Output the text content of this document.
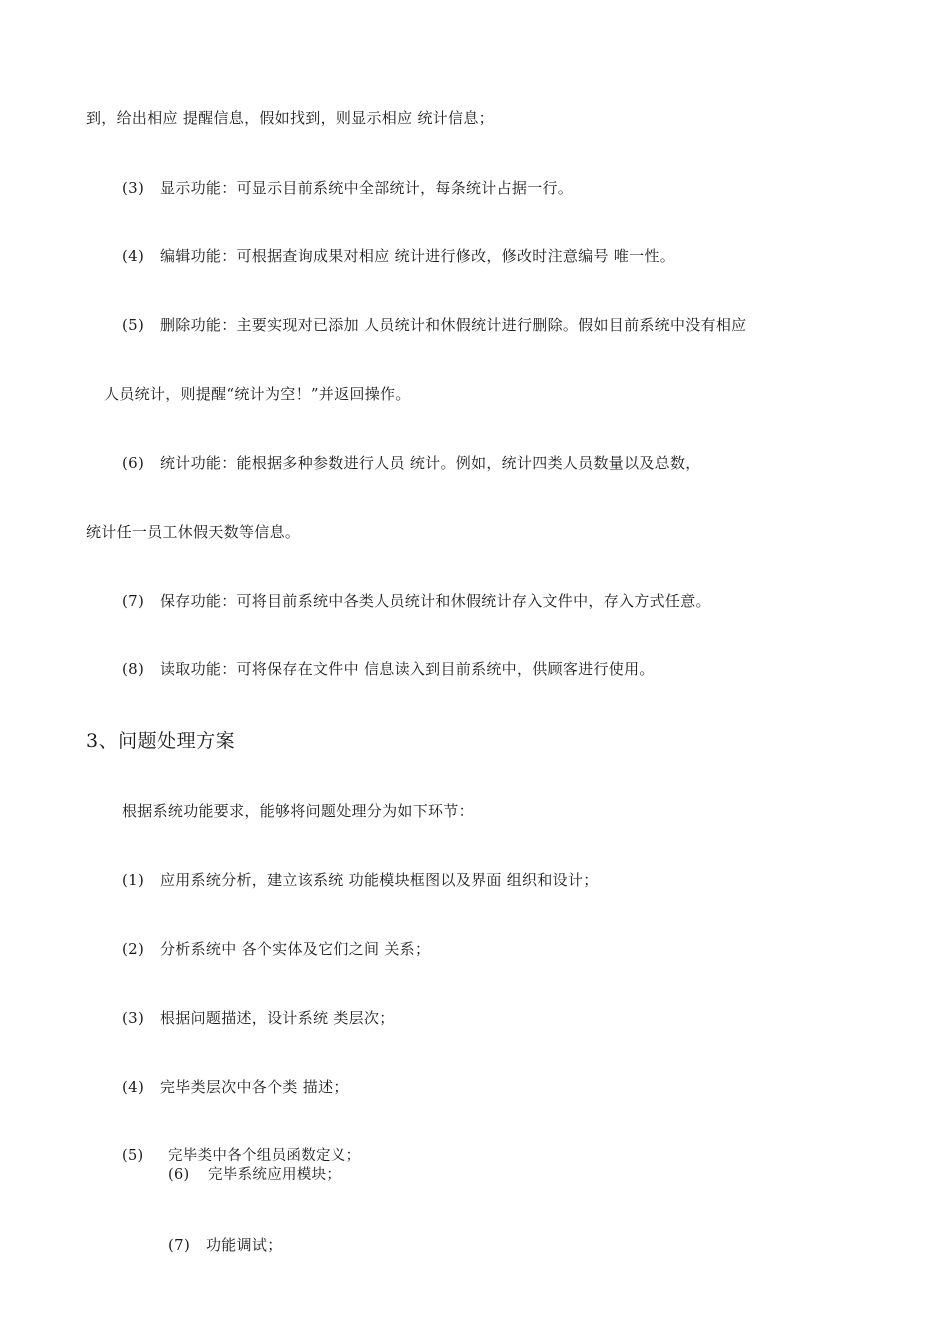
到，给出相应 提醒信息，假如找到，则显示相应 统计信息；
(3) 显示功能：可显示目前系统中全部统计，每条统计占据一行。
(4) 编辑功能：可根据查询成果对相应 统计进行修改，修改时注意编号 唯一性。
(5) 删除功能：主要实现对已添加 人员统计和休假统计进行删除。假如目前系统中没有相应
人员统计，则提醒“统计为空！”并返回操作。
(6) 统计功能：能根据多种参数进行人员 统计。例如，统计四类人员数量以及总数，
统计任一员工休假天数等信息。
(7) 保存功能：可将目前系统中各类人员统计和休假统计存入文件中，存入方式任意。
(8) 读取功能：可将保存在文件中 信息读入到目前系统中，供顾客进行使用。
3、问题处理方案
根据系统功能要求，能够将问题处理分为如下环节：
(1) 应用系统分析，建立该系统 功能模块框图以及界面 组织和设计；
(2) 分析系统中 各个实体及它们之间 关系；
(3) 根据问题描述，设计系统 类层次；
(4) 完毕类层次中各个类 描述；
(5) 完毕类中各个组员函数定义；
(6) 完毕系统应用模块；
(7) 功能调试；
